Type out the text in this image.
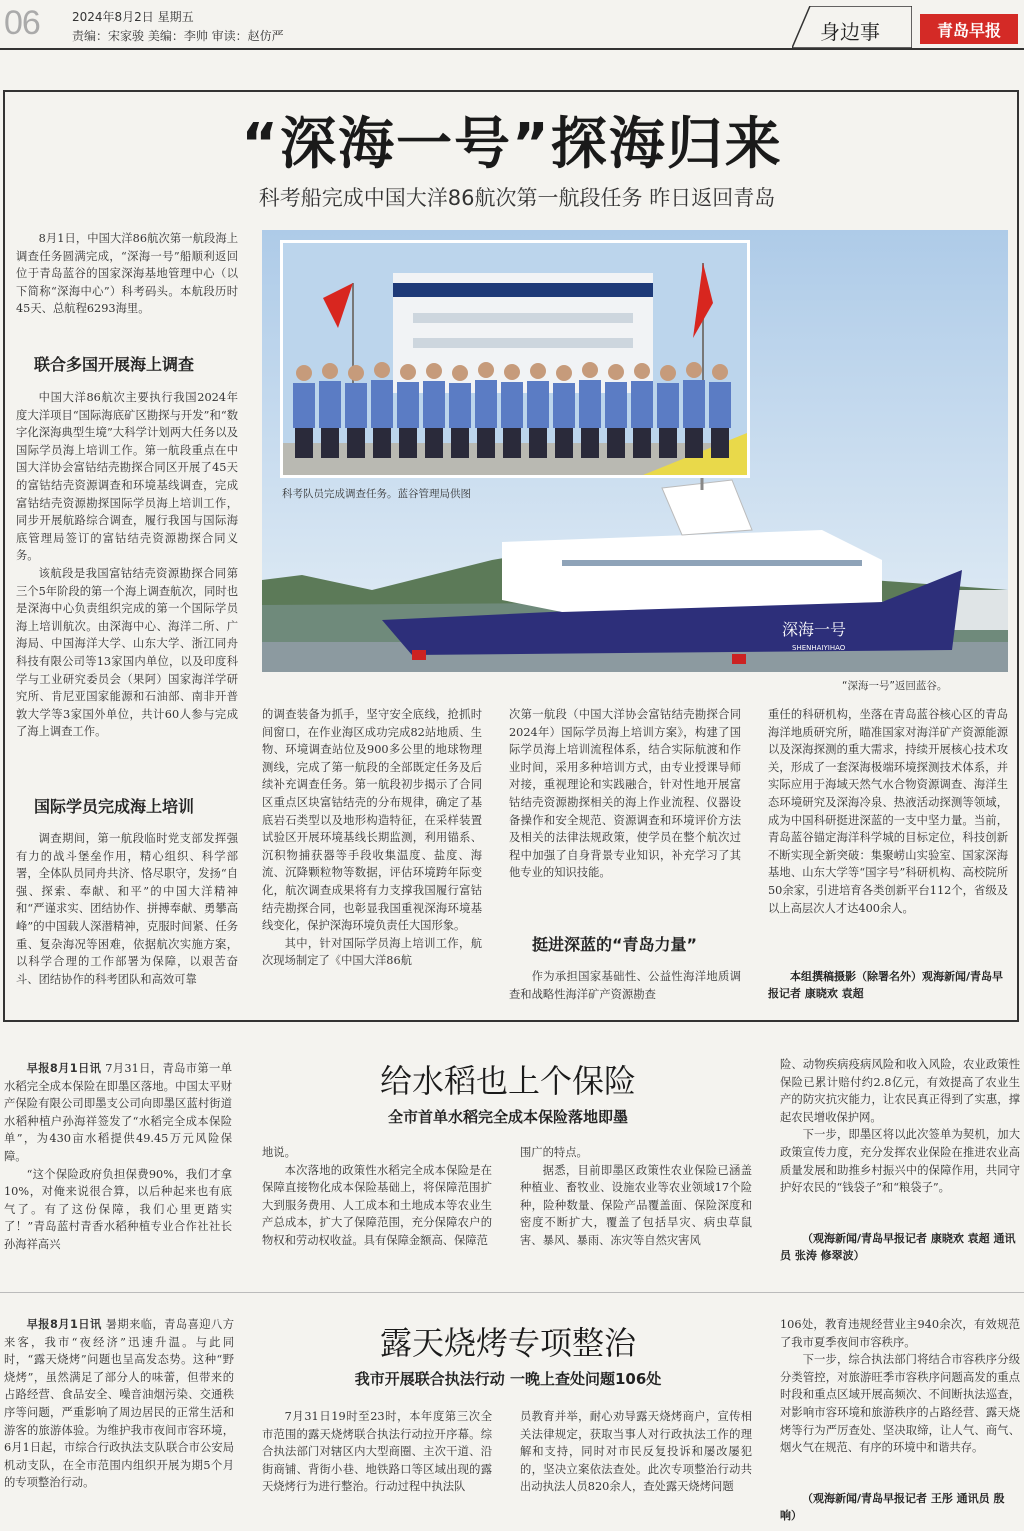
06	2024年8月2日 星期五
责编：宋家骏 美编：李帅 审读：赵仿严	身边事	青岛早报
“深海一号”探海归来
科考船完成中国大洋86航次第一航段任务 昨日返回青岛

8月1日，中国大洋86航次第一航段海上调查任务圆满完成，“深海一号”船顺利返回位于青岛蓝谷的国家深海基地管理中心（以下简称“深海中心”）科考码头。本航段历时45天、总航程6293海里。

联合多国开展海上调查

中国大洋86航次主要执行我国2024年度大洋项目“国际海底矿区勘探与开发”和“数字化深海典型生境”大科学计划两大任务以及国际学员海上培训工作。第一航段重点在中国大洋协会富钴结壳勘探合同区开展了45天的富钴结壳资源调查和环境基线调查，完成富钴结壳资源勘探国际学员海上培训工作，同步开展航路综合调查，履行我国与国际海底管理局签订的富钴结壳资源勘探合同义务。

该航段是我国富钴结壳资源勘探合同第三个5年阶段的第一个海上调查航次，同时也是深海中心负责组织完成的第一个国际学员海上培训航次。由深海中心、海洋二所、广海局、中国海洋大学、山东大学、浙江同舟科技有限公司等13家国内单位，以及印度科学与工业研究委员会（果阿）国家海洋学研究所、肯尼亚国家能源和石油部、南非开普敦大学等3家国外单位，共计60人参与完成了海上调查工作。

国际学员完成海上培训

调查期间，第一航段临时党支部发挥强有力的战斗堡垒作用，精心组织、科学部署，全体队员同舟共济、恪尽职守，发扬“自强、探索、奉献、和平”的中国大洋精神和“严谨求实、团结协作、拼搏奉献、勇攀高峰”的中国载人深潜精神，克服时间紧、任务重、复杂海况等困难，依据航次实施方案，以科学合理的工作部署为保障，以艰苦奋斗、团结协作的科考团队和高效可靠

深海一号
SHENHAIYIHAO
科考队员完成调查任务。蓝谷管理局供图
“深海一号”返回蓝谷。

的调查装备为抓手，坚守安全底线，抢抓时间窗口，在作业海区成功完成82站地质、生物、环境调查站位及900多公里的地球物理测线，完成了第一航段的全部既定任务及后续补充调查任务。第一航段初步揭示了合同区重点区块富钴结壳的分布规律，确定了基底岩石类型以及地形构造特征，在采样装置试验区开展环境基线长期监测，利用锚系、沉积物捕获器等手段收集温度、盐度、海流、沉降颗粒物等数据，评估环境跨年际变化，航次调查成果将有力支撑我国履行富钴结壳勘探合同，也彰显我国重视深海环境基线变化，保护深海环境负责任大国形象。

其中，针对国际学员海上培训工作，航次现场制定了《中国大洋86航

次第一航段（中国大洋协会富钴结壳勘探合同2024年）国际学员海上培训方案》，构建了国际学员海上培训流程体系，结合实际航渡和作业时间，采用多种培训方式，由专业授课导师对接，重视理论和实践融合，针对性地开展富钴结壳资源勘探相关的海上作业流程、仪器设备操作和安全规范、资源调查和环境评价方法及相关的法律法规政策，使学员在整个航次过程中加强了自身背景专业知识，补充学习了其他专业的知识技能。

挺进深蓝的“青岛力量”

作为承担国家基础性、公益性海洋地质调查和战略性海洋矿产资源勘查

重任的科研机构，坐落在青岛蓝谷核心区的青岛海洋地质研究所，瞄准国家对海洋矿产资源能源以及深海探测的重大需求，持续开展核心技术攻关，形成了一套深海极端环境探测技术体系，并实际应用于海域天然气水合物资源调查、海洋生态环境研究及深海冷泉、热液活动探测等领域，成为中国科研挺进深蓝的一支中坚力量。当前，青岛蓝谷锚定海洋科学城的目标定位，科技创新不断实现全新突破：集聚崂山实验室、国家深海基地、山东大学等“国字号”科研机构、高校院所50余家，引进培育各类创新平台112个，省级及以上高层次人才达400余人。

本组撰稿摄影（除署名外）观海新闻/青岛早报记者 康晓欢 袁超

早报8月1日讯 7月31日，青岛市第一单水稻完全成本保险在即墨区落地。中国太平财产保险有限公司即墨支公司向即墨区蓝村街道水稻种植户孙海祥签发了“水稻完全成本保险单”，为430亩水稻提供49.45万元风险保障。

“这个保险政府负担保费90%，我们才拿10%，对俺来说很合算，以后种起来也有底气了。有了这份保障，我们心里更踏实了！”青岛蓝村青香水稻种植专业合作社社长孙海祥高兴

给水稻也上个保险
全市首单水稻完全成本保险落地即墨

地说。

本次落地的政策性水稻完全成本保险是在保障直接物化成本保险基础上，将保障范围扩大到服务费用、人工成本和土地成本等农业生产总成本，扩大了保障范围，充分保障农户的物权和劳动权收益。具有保障金额高、保障范

围广的特点。

据悉，目前即墨区政策性农业保险已涵盖种植业、畜牧业、设施农业等农业领域17个险种，险种数量、保险产品覆盖面、保险深度和密度不断扩大，覆盖了包括旱灾、病虫草鼠害、暴风、暴雨、冻灾等自然灾害风

险、动物疾病疫病风险和收入风险，农业政策性保险已累计赔付约2.8亿元，有效提高了农业生产的防灾抗灾能力，让农民真正得到了实惠，撑起农民增收保护网。

下一步，即墨区将以此次签单为契机，加大政策宣传力度，充分发挥农业保险在推进农业高质量发展和助推乡村振兴中的保障作用，共同守护好农民的“钱袋子”和“粮袋子”。

（观海新闻/青岛早报记者 康晓欢 袁超 通讯员 张涛 修翠波）

早报8月1日讯 暑期来临，青岛喜迎八方来客，我市“夜经济”迅速升温。与此同时，“露天烧烤”问题也呈高发态势。这种“野烧烤”，虽然满足了部分人的味蕾，但带来的占路经营、食品安全、噪音油烟污染、交通秩序等问题，严重影响了周边居民的正常生活和游客的旅游体验。为维护我市夜间市容环境，6月1日起，市综合行政执法支队联合市公安局机动支队，在全市范围内组织开展为期5个月的专项整治行动。

露天烧烤专项整治
我市开展联合执法行动 一晚上查处问题106处

7月31日19时至23时，本年度第三次全市范围的露天烧烤联合执法行动拉开序幕。综合执法部门对辖区内大型商圈、主次干道、沿街商铺、背街小巷、地铁路口等区域出现的露天烧烤行为进行整治。行动过程中执法队

员教育并举，耐心劝导露天烧烤商户，宣传相关法律规定，获取当事人对行政执法工作的理解和支持，同时对市民反复投诉和屡改屡犯的，坚决立案依法查处。此次专项整治行动共出动执法人员820余人，查处露天烧烤问题

106处，教育违规经营业主940余次，有效规范了我市夏季夜间市容秩序。

下一步，综合执法部门将结合市容秩序分级分类管控，对旅游旺季市容秩序问题高发的重点时段和重点区域开展高频次、不间断执法巡查，对影响市容环境和旅游秩序的占路经营、露天烧烤等行为严厉查处、坚决取缔，让人气、商气、烟火气在规范、有序的环境中和谐共存。

（观海新闻/青岛早报记者 王彤 通讯员 殷响）
